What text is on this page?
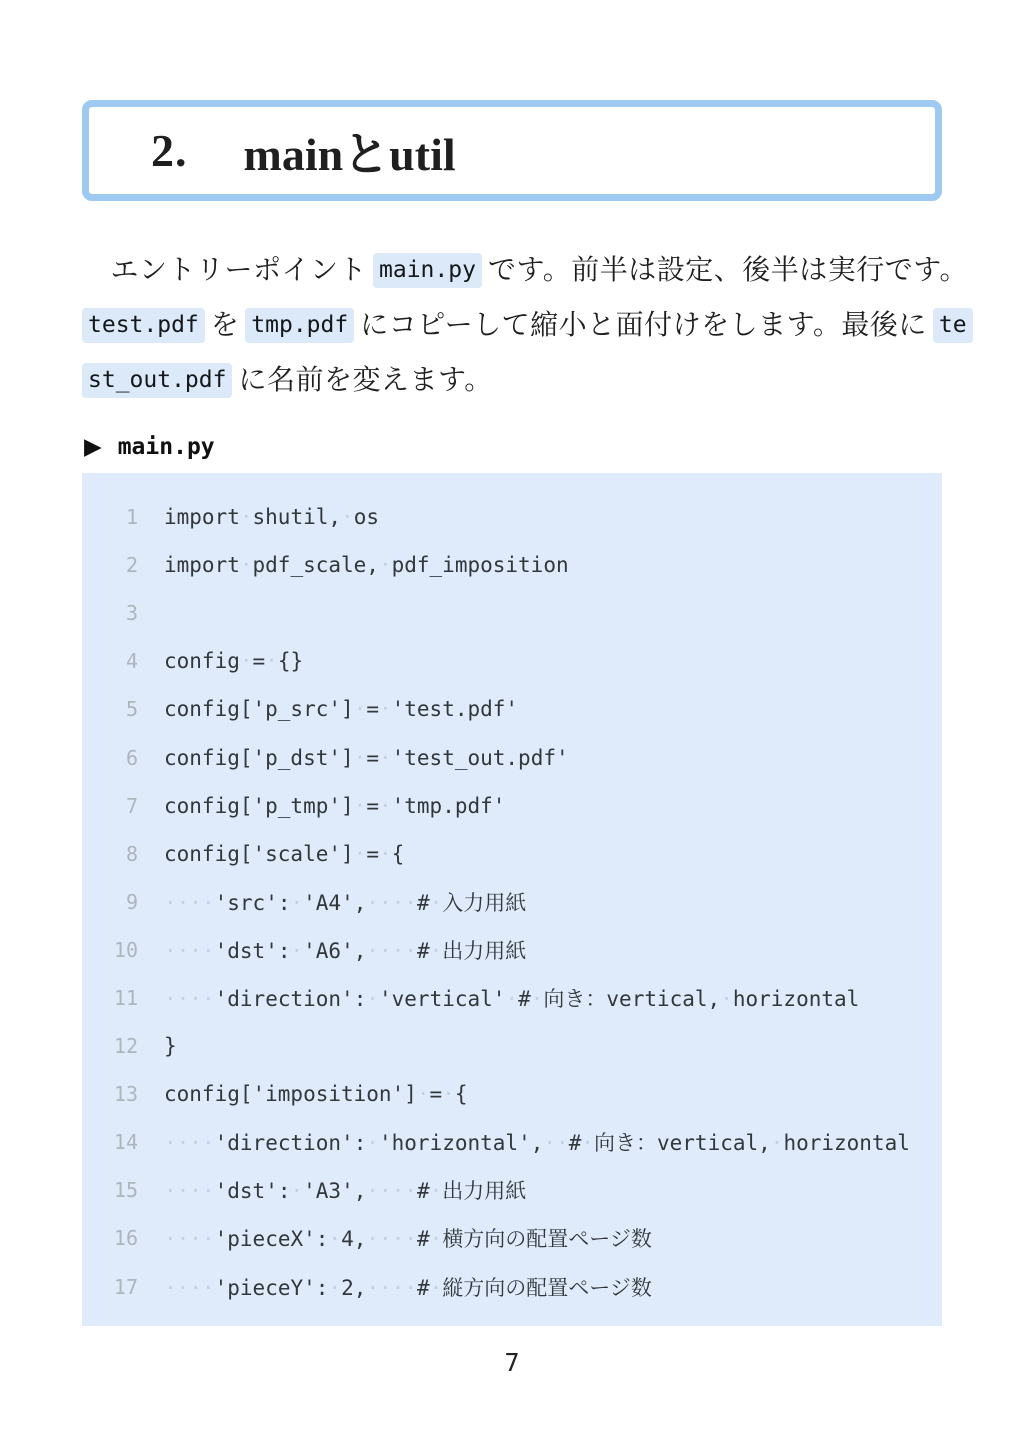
2. mainとutil
　エントリーポイント main.py です。前半は設定、後半は実行です。
test.pdf を tmp.pdf にコピーして縮小と面付けをします。最後に te
st_out.pdf に名前を変えます。
▶ main.py
1 import·shutil,·os
2 import·pdf_scale,·pdf_imposition
3
4 config·=·{}
5 config['p_src']·=·'test.pdf'
6 config['p_dst']·=·'test_out.pdf'
7 config['p_tmp']·=·'tmp.pdf'
8 config['scale']·=·{
9 ····'src':·'A4',····#·入力用紙
10 ····'dst':·'A6',····#·出力用紙
11 ····'direction':·'vertical'·#·向き：vertical,·horizontal
12 }
13 config['imposition']·=·{
14 ····'direction':·'horizontal',··#·向き：vertical,·horizontal
15 ····'dst':·'A3',····#·出力用紙
16 ····'pieceX':·4,····#·横方向の配置ページ数
17 ····'pieceY':·2,····#·縦方向の配置ページ数
7
